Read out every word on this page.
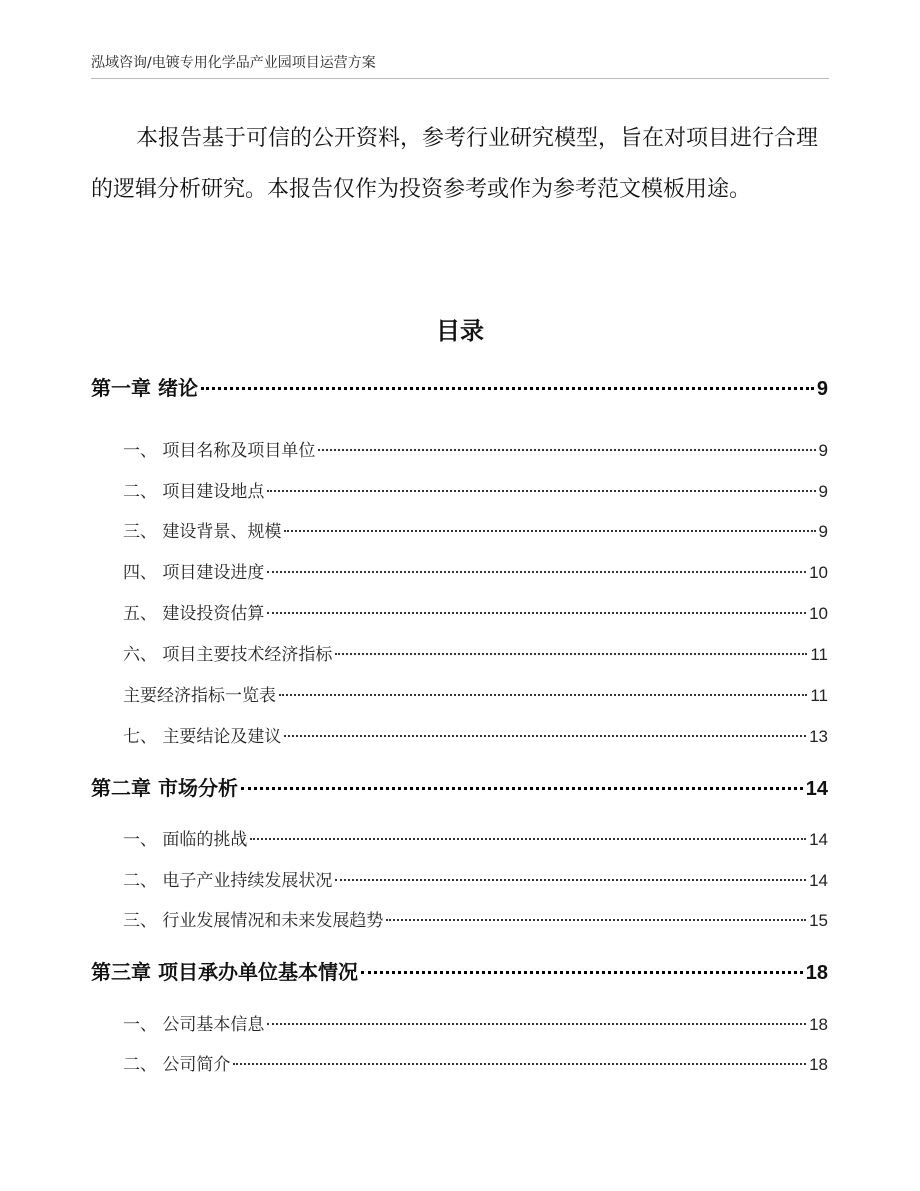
泓域咨询/电镀专用化学品产业园项目运营方案
本报告基于可信的公开资料，参考行业研究模型，旨在对项目进行合理的逻辑分析研究。本报告仅作为投资参考或作为参考范文模板用途。
目录
第一章 绪论	9
一、 项目名称及项目单位	9
二、 项目建设地点	9
三、 建设背景、规模	9
四、 项目建设进度	10
五、 建设投资估算	10
六、 项目主要技术经济指标	11
主要经济指标一览表	11
七、 主要结论及建议	13
第二章 市场分析	14
一、 面临的挑战	14
二、 电子产业持续发展状况	14
三、 行业发展情况和未来发展趋势	15
第三章 项目承办单位基本情况	18
一、 公司基本信息	18
二、 公司简介	18
